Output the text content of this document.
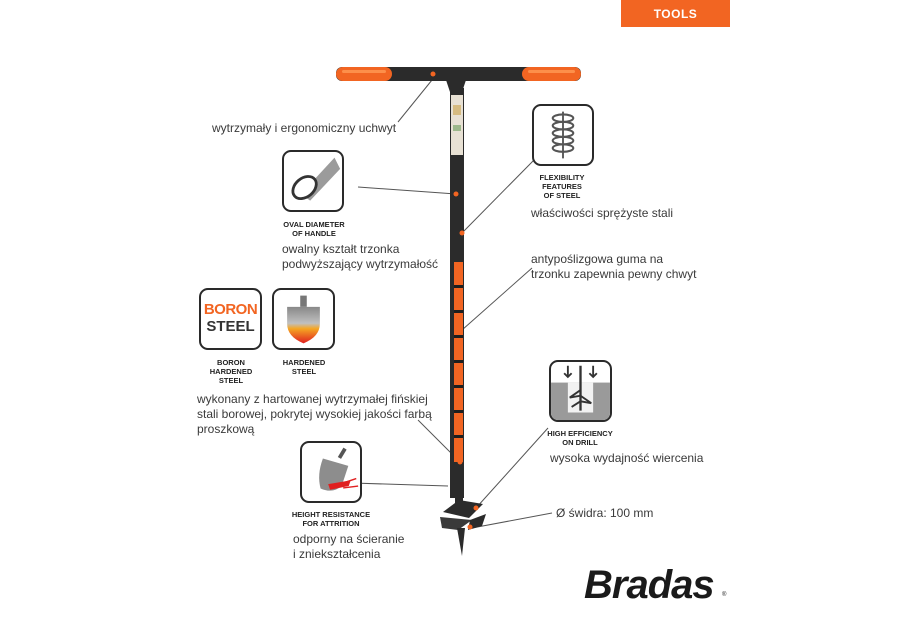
TOOLS
wytrzymały i ergonomiczny uchwyt
OVAL DIAMETER
OF HANDLE
owalny kształt trzonka
podwyższający wytrzymałość
FLEXIBILITY
FEATURES
OF STEEL
właściwości sprężyste stali
antypoślizgowa guma na
trzonku zapewnia pewny chwyt
BORON
STEEL
BORON
HARDENED
STEEL
HARDENED
STEEL
wykonany z hartowanej wytrzymałej fińskiej
stali borowej, pokrytej wysokiej jakości farbą
proszkową	HIGH EFFICIENCY
ON DRILL
wysoka wydajność wiercenia
Ø świdra: 100 mm
HEIGHT RESISTANCE
FOR ATTRITION
odporny na ścieranie
i zniekształcenia
Bradas ®
